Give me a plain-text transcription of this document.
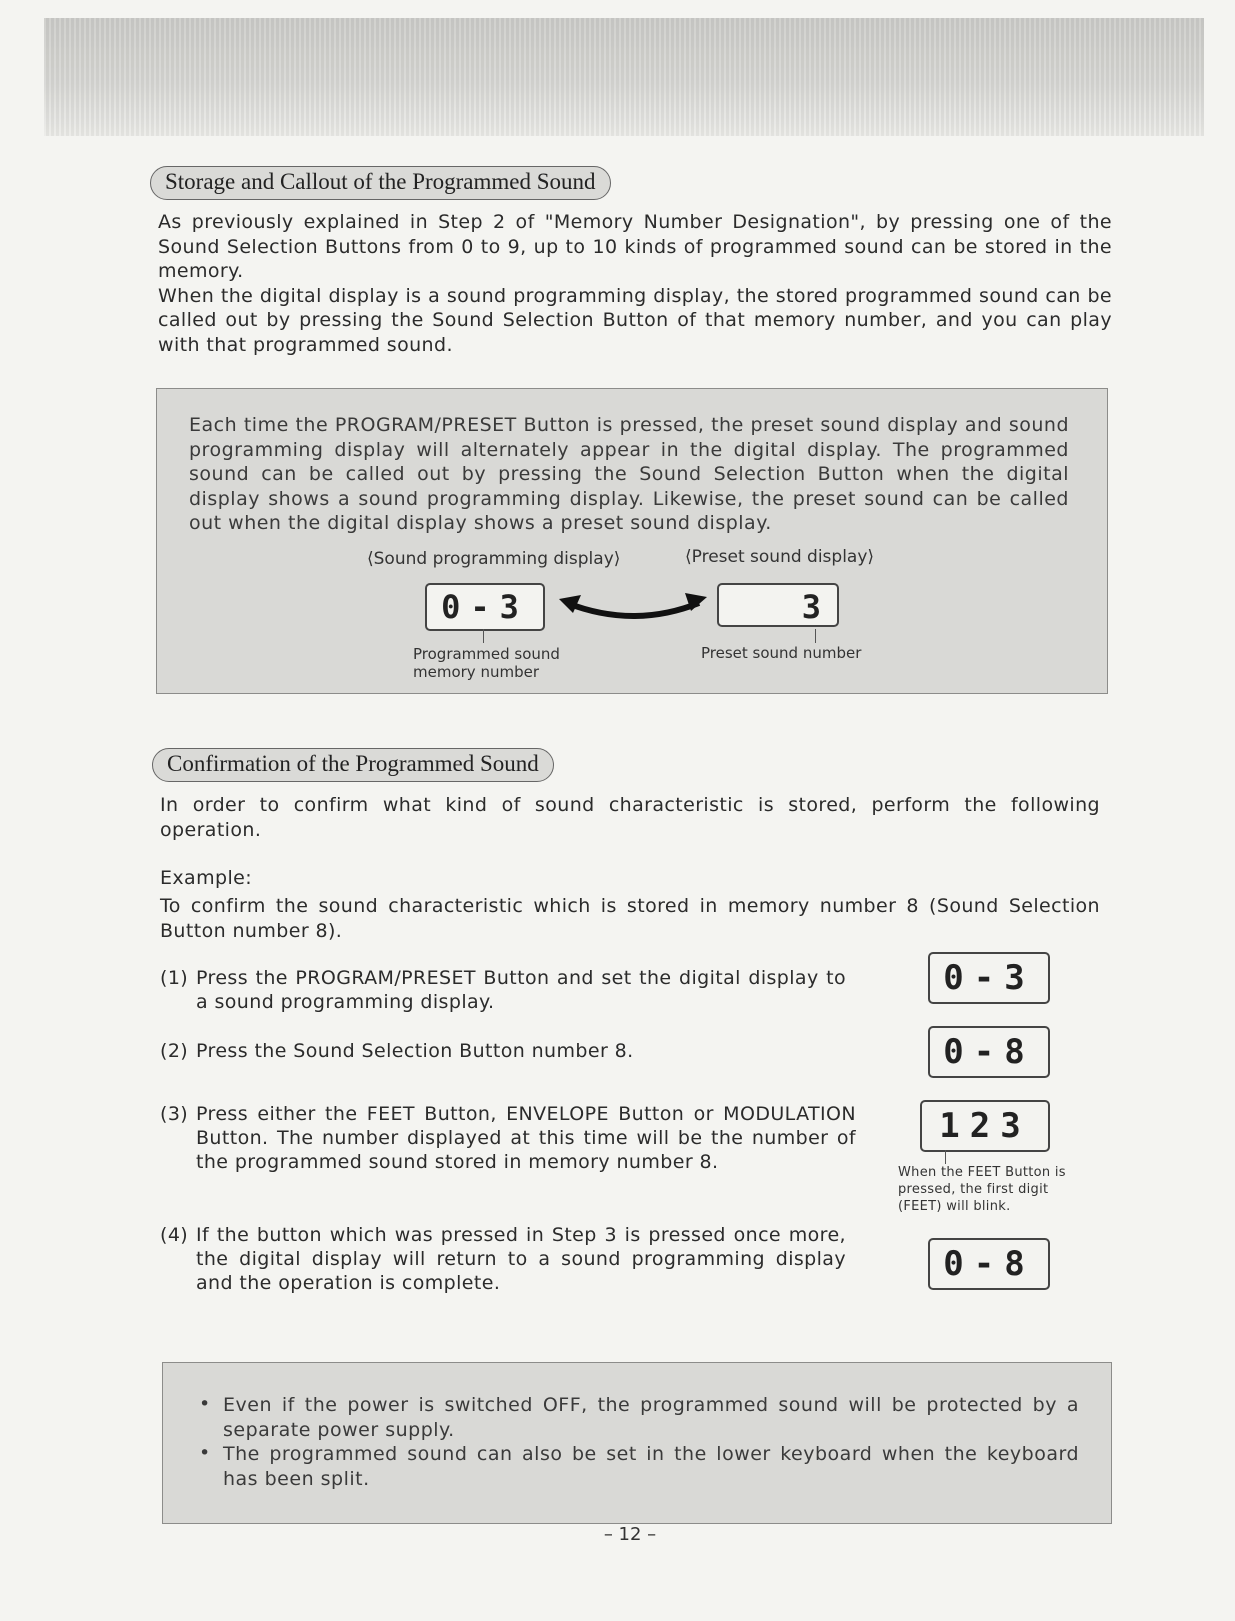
Storage and Callout of the Programmed Sound

As previously explained in Step 2 of "Memory Number Designation", by pressing one of the Sound Selection Buttons from 0 to 9, up to 10 kinds of programmed sound can be stored in the memory.

When the digital display is a sound programming display, the stored programmed sound can be called out by pressing the Sound Selection Button of that memory number, and you can play with that programmed sound.

Each time the PROGRAM/PRESET Button is pressed, the preset sound display and sound programming display will alternately appear in the digital display. The programmed sound can be called out by pressing the Sound Selection Button when the digital display shows a sound programming display. Likewise, the preset sound can be called out when the digital display shows a preset sound display.
⟨Sound programming display⟩	⟨Preset sound display⟩
0-3	3
Programmed sound memory number
Preset sound number
Confirmation of the Programmed Sound
In order to confirm what kind of sound characteristic is stored, perform the following operation.
Example:
To confirm the sound characteristic which is stored in memory number 8 (Sound Selection Button number 8).
(1) Press the PROGRAM/PRESET Button and set the digital display to a sound programming display.
0-3
(2) Press the Sound Selection Button number 8.	0-8
(3) Press either the FEET Button, ENVELOPE Button or MODULATION Button. The number displayed at this time will be the number of the programmed sound stored in memory number 8.
123
When the FEET Button is pressed, the first digit (FEET) will blink.
(4) If the button which was pressed in Step 3 is pressed once more, the digital display will return to a sound programming display and the operation is complete.	0-8
• Even if the power is switched OFF, the programmed sound will be protected by a separate power supply.
• The programmed sound can also be set in the lower keyboard when the keyboard has been split.
– 12 –
